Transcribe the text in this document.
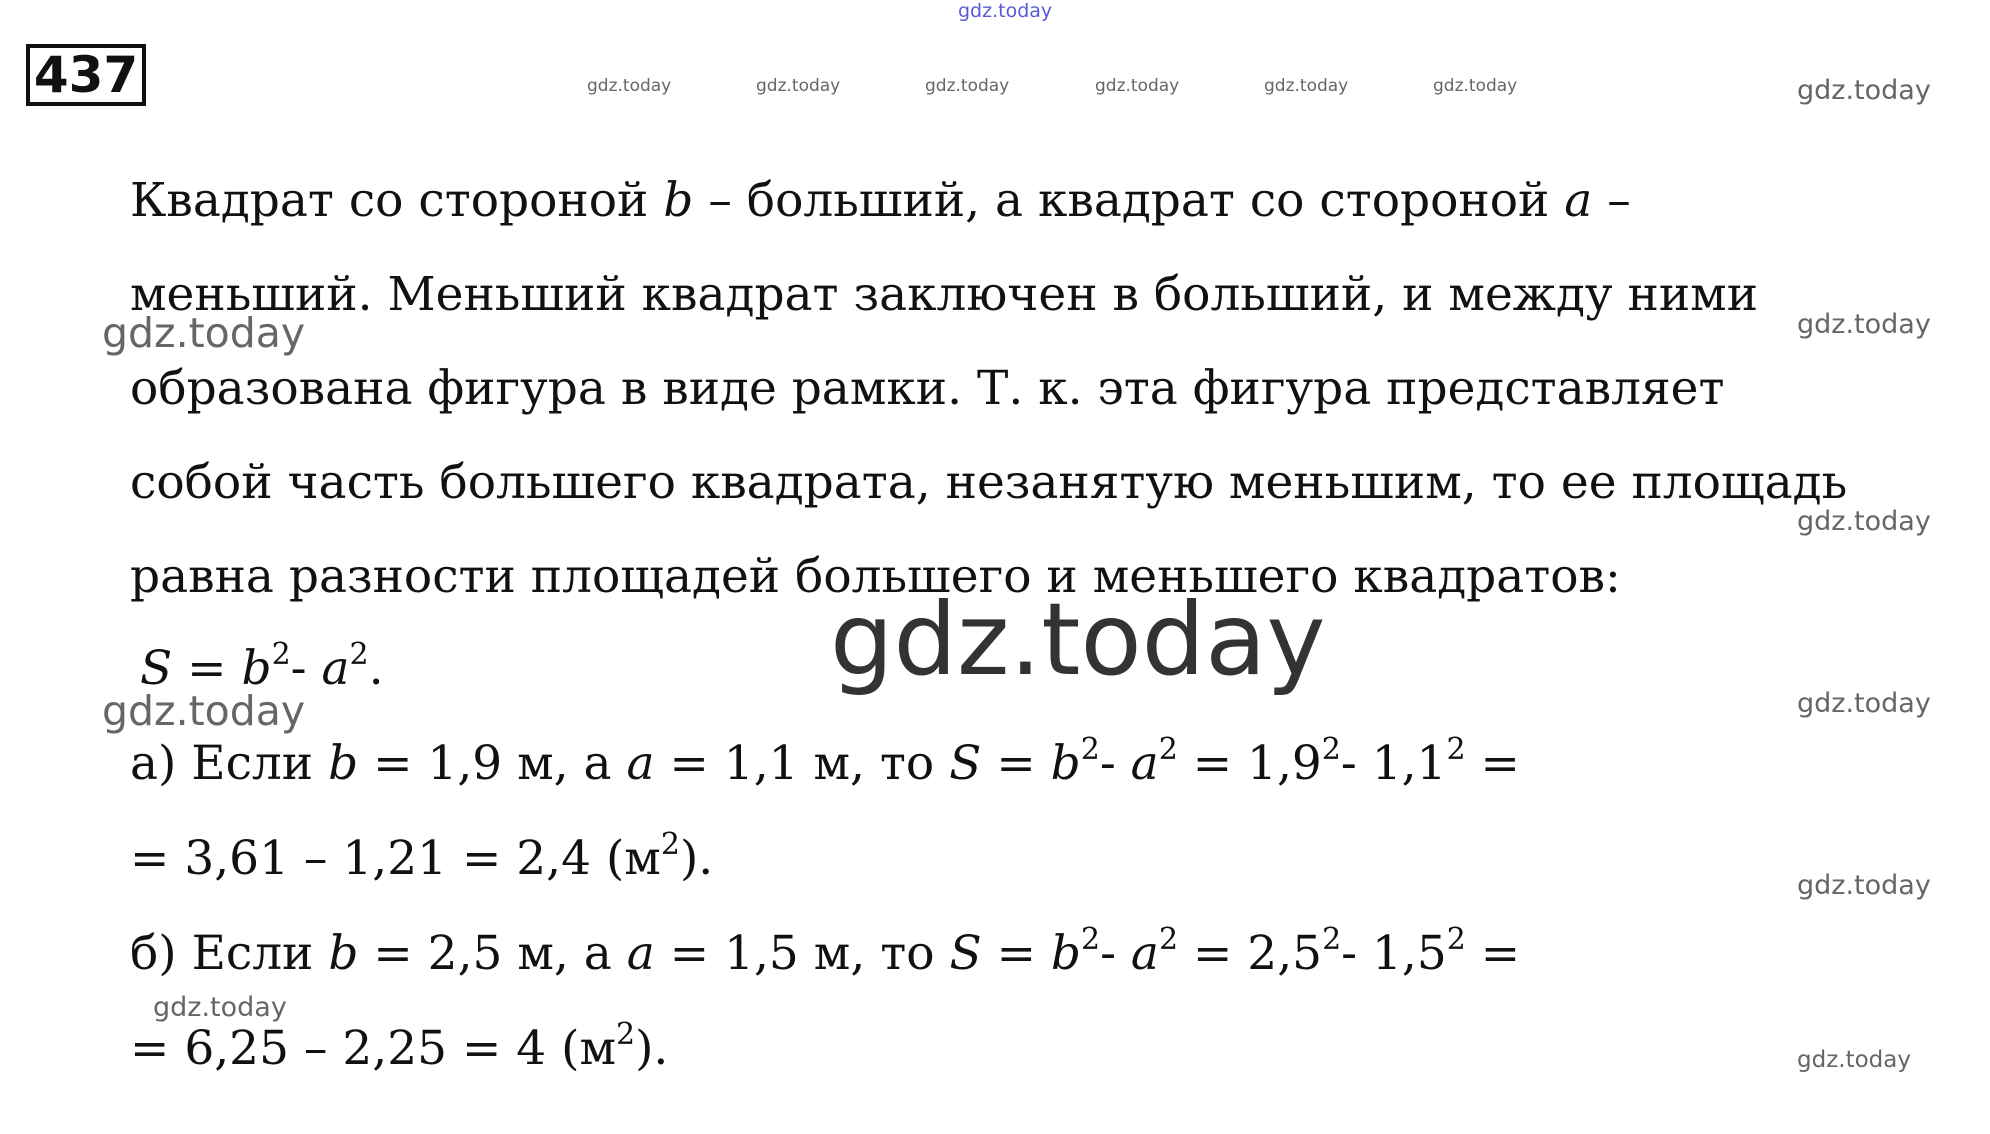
437
gdz.today
gdz.today	gdz.today	gdz.today	gdz.today	gdz.today	gdz.today	gdz.today
gdz.today
gdz.today
gdz.today
gdz.today
gdz.today
gdz.today
gdz.today
gdz.today
gdz.today
Квадрат со стороной b – больший, а квадрат со стороной a –
меньший. Меньший квадрат заключен в больший, и между ними
образована фигура в виде рамки. Т. к. эта фигура представляет
собой часть большего квадрата, незанятую меньшим, то ее площадь
равна разности площадей большего и меньшего квадратов:
$S = b^2-$ $a^2$.
а) Если b = 1,9 м, а a = 1,1 м, то $S = b^2-$ $a^2 = 1,9^2-$ $1,1^2$ =
= 3,61 – 1,21 = 2,4 $(м^2)$.
б) Если b = 2,5 м, а a = 1,5 м, то $S = b^2-$ $a^2 = 2,5^2-$ $1,5^2$ =
= 6,25 – 2,25 = 4 $(м^2)$.
